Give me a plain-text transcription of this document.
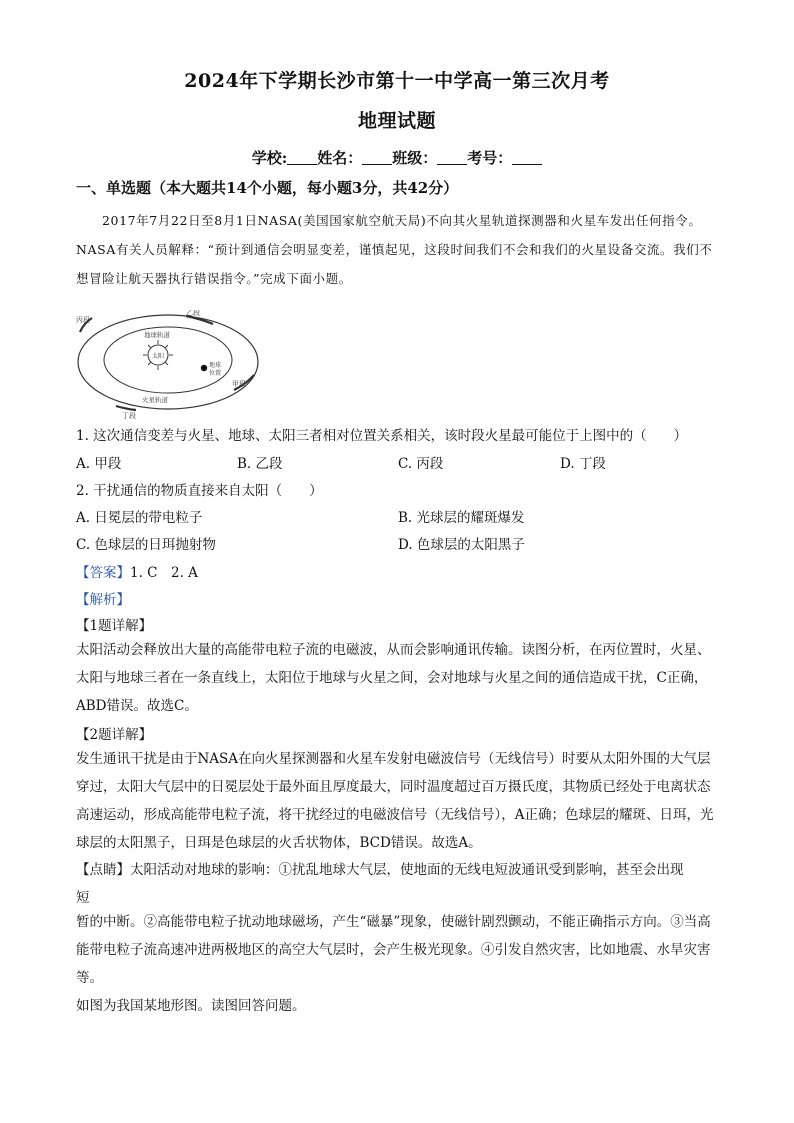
2024年下学期长沙市第十一中学高一第三次月考
地理试题
学校: 姓名： 班级： 考号：
一、单选题（本大题共14个小题，每小题3分，共42分）
2017年7月22日至8月1日NASA(美国国家航空航天局)不向其火星轨道探测器和火星车发出任何指令。NASA有关人员解释：“预计到通信会明显变差，谨慎起见，这段时间我们不会和我们的火星设备交流。我们不想冒险让航天器执行错误指令。”完成下面小题。
太阳
地球轨道
火星轨道
地球
位置
乙段
丙段
甲段
丁段
1. 这次通信变差与火星、地球、太阳三者相对位置关系相关，该时段火星最可能位于上图中的（　　）
A. 甲段	B. 乙段	C. 丙段	D. 丁段
2. 干扰通信的物质直接来自太阳（　　）
A. 日冕层的带电粒子	B. 光球层的耀斑爆发
C. 色球层的日珥抛射物	D. 色球层的太阳黑子
【答案】1. C　2. A
【解析】
【1题详解】
太阳活动会释放出大量的高能带电粒子流的电磁波，从而会影响通讯传输。读图分析，在丙位置时，火星、太阳与地球三者在一条直线上，太阳位于地球与火星之间，会对地球与火星之间的通信造成干扰，C正确，ABD错误。故选C。
【2题详解】
发生通讯干扰是由于NASA在向火星探测器和火星车发射电磁波信号（无线信号）时要从太阳外围的大气层穿过，太阳大气层中的日冕层处于最外面且厚度最大，同时温度超过百万摄氏度，其物质已经处于电离状态高速运动，形成高能带电粒子流，将干扰经过的电磁波信号（无线信号），A正确；色球层的耀斑、日珥，光球层的太阳黑子，日珥是色球层的火舌状物体，BCD错误。故选A。
【点睛】太阳活动对地球的影响：①扰乱地球大气层，使地面的无线电短波通讯受到影响，甚至会出现
短
暂的中断。②高能带电粒子扰动地球磁场，产生“磁暴”现象，使磁针剧烈颤动，不能正确指示方向。③当高能带电粒子流高速冲进两极地区的高空大气层时，会产生极光现象。④引发自然灾害，比如地震、水旱灾害等。
如图为我国某地形图。读图回答问题。
